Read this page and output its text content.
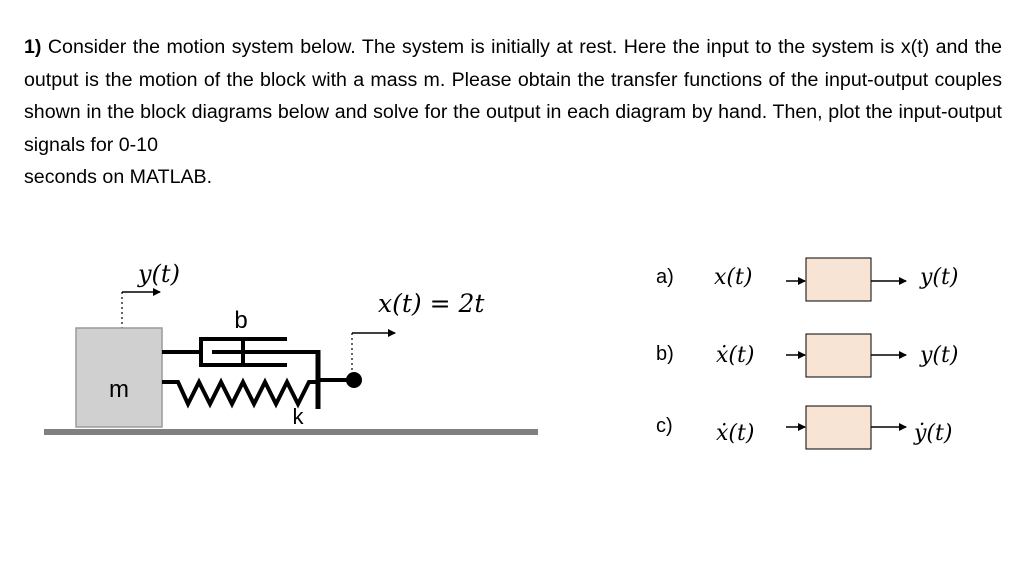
1) Consider the motion system below. The system is initially at rest. Here the input to the system is x(t) and the output is the motion of the block with a mass m. Please obtain the transfer functions of the input-output couples shown in the block diagrams below and solve for the output in each diagram by hand. Then, plot the input-output signals for 0-10
seconds on MATLAB.

y(t)
m
b
k
x(t) = 2t
a) x(t)	y(t)
b) ẋ(t)	y(t)
c) ẋ(t)	ẏ(t)
